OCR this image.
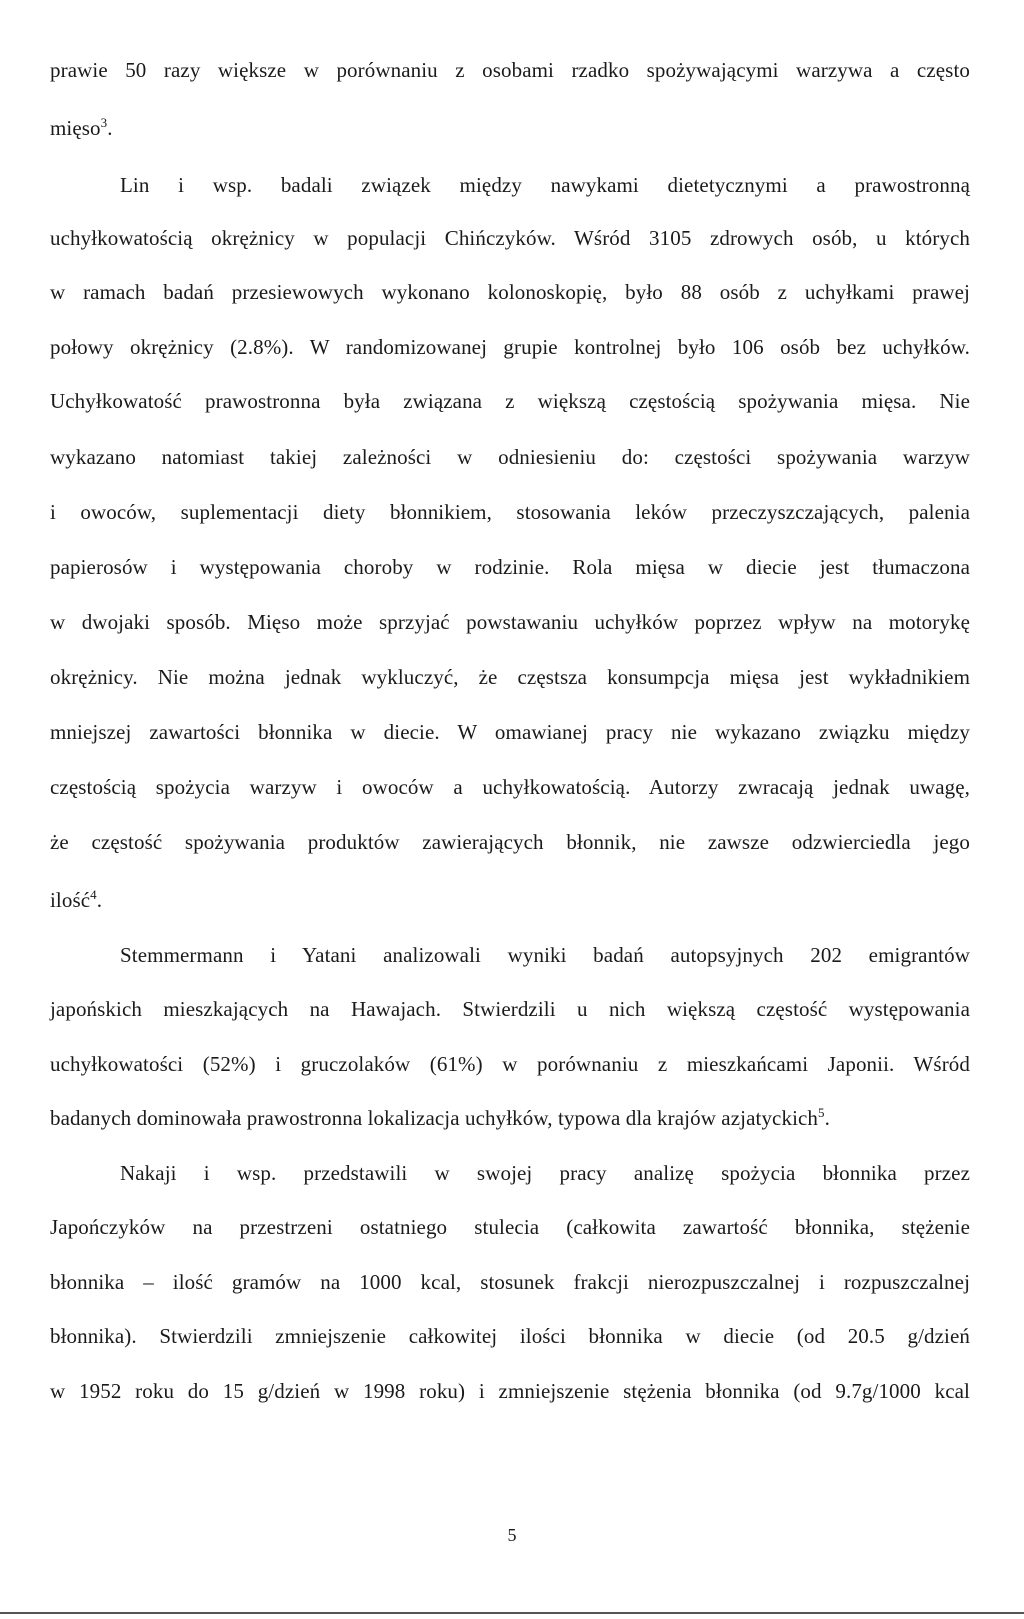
prawie 50 razy większe w porównaniu z osobami rzadko spożywającymi warzywa a często
mięso$^3$.
Lin i wsp. badali związek między nawykami dietetycznymi a prawostronną
uchyłkowatością okrężnicy w populacji Chińczyków. Wśród 3105 zdrowych osób, u których
w ramach badań przesiewowych wykonano kolonoskopię, było 88 osób z uchyłkami prawej
połowy okrężnicy (2.8%). W randomizowanej grupie kontrolnej było 106 osób bez uchyłków.
Uchyłkowatość prawostronna była związana z większą częstością spożywania mięsa. Nie
wykazano natomiast takiej zależności w odniesieniu do: częstości spożywania warzyw
i owoców, suplementacji diety błonnikiem, stosowania leków przeczyszczających, palenia
papierosów i występowania choroby w rodzinie. Rola mięsa w diecie jest tłumaczona
w dwojaki sposób. Mięso może sprzyjać powstawaniu uchyłków poprzez wpływ na motorykę
okrężnicy. Nie można jednak wykluczyć, że częstsza konsumpcja mięsa jest wykładnikiem
mniejszej zawartości błonnika w diecie. W omawianej pracy nie wykazano związku między
częstością spożycia warzyw i owoców a uchyłkowatością. Autorzy zwracają jednak uwagę,
że częstość spożywania produktów zawierających błonnik, nie zawsze odzwierciedla jego
ilość$^4$.
Stemmermann i Yatani analizowali wyniki badań autopsyjnych 202 emigrantów
japońskich mieszkających na Hawajach. Stwierdzili u nich większą częstość występowania
uchyłkowatości (52%) i gruczolaków (61%) w porównaniu z mieszkańcami Japonii. Wśród
badanych dominowała prawostronna lokalizacja uchyłków, typowa dla krajów azjatyckich$^5$.
Nakaji i wsp. przedstawili w swojej pracy analizę spożycia błonnika przez
Japończyków na przestrzeni ostatniego stulecia (całkowita zawartość błonnika, stężenie
błonnika – ilość gramów na 1000 kcal, stosunek frakcji nierozpuszczalnej i rozpuszczalnej
błonnika). Stwierdzili zmniejszenie całkowitej ilości błonnika w diecie (od 20.5 g/dzień
w 1952 roku do 15 g/dzień w 1998 roku) i zmniejszenie stężenia błonnika (od 9.7g/1000 kcal
5
